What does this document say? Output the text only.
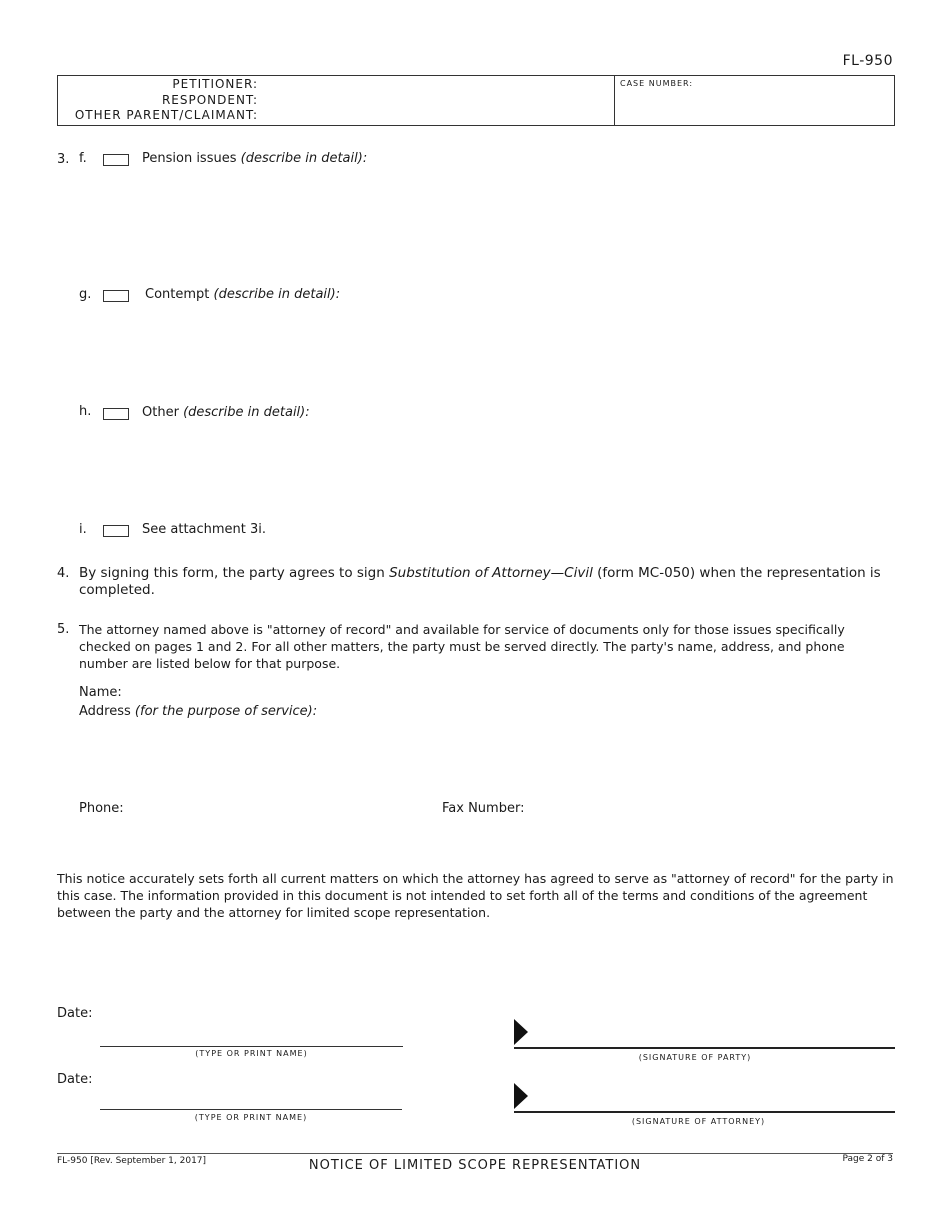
FL-950
PETITIONER:
RESPONDENT:
OTHER PARENT/CLAIMANT:
CASE NUMBER:
3. f.	Pension issues (describe in detail):
g.	Contempt (describe in detail):
h.	Other (describe in detail):
i.	See attachment 3i.
4. By signing this form, the party agrees to sign Substitution of Attorney—Civil (form MC-050) when the representation is completed.
5. The attorney named above is "attorney of record" and available for service of documents only for those issues specifically checked on pages 1 and 2. For all other matters, the party must be served directly. The party's name, address, and phone number are listed below for that purpose.
Name:
Address (for the purpose of service):
Phone:	Fax Number:
This notice accurately sets forth all current matters on which the attorney has agreed to serve as "attorney of record" for the party in this case. The information provided in this document is not intended to set forth all of the terms and conditions of the agreement between the party and the attorney for limited scope representation.
Date:
(TYPE OR PRINT NAME)	(SIGNATURE OF PARTY)
Date:
(TYPE OR PRINT NAME)	(SIGNATURE OF ATTORNEY)
FL-950 [Rev. September 1, 2017]	NOTICE OF LIMITED SCOPE REPRESENTATION	Page 2 of 3
